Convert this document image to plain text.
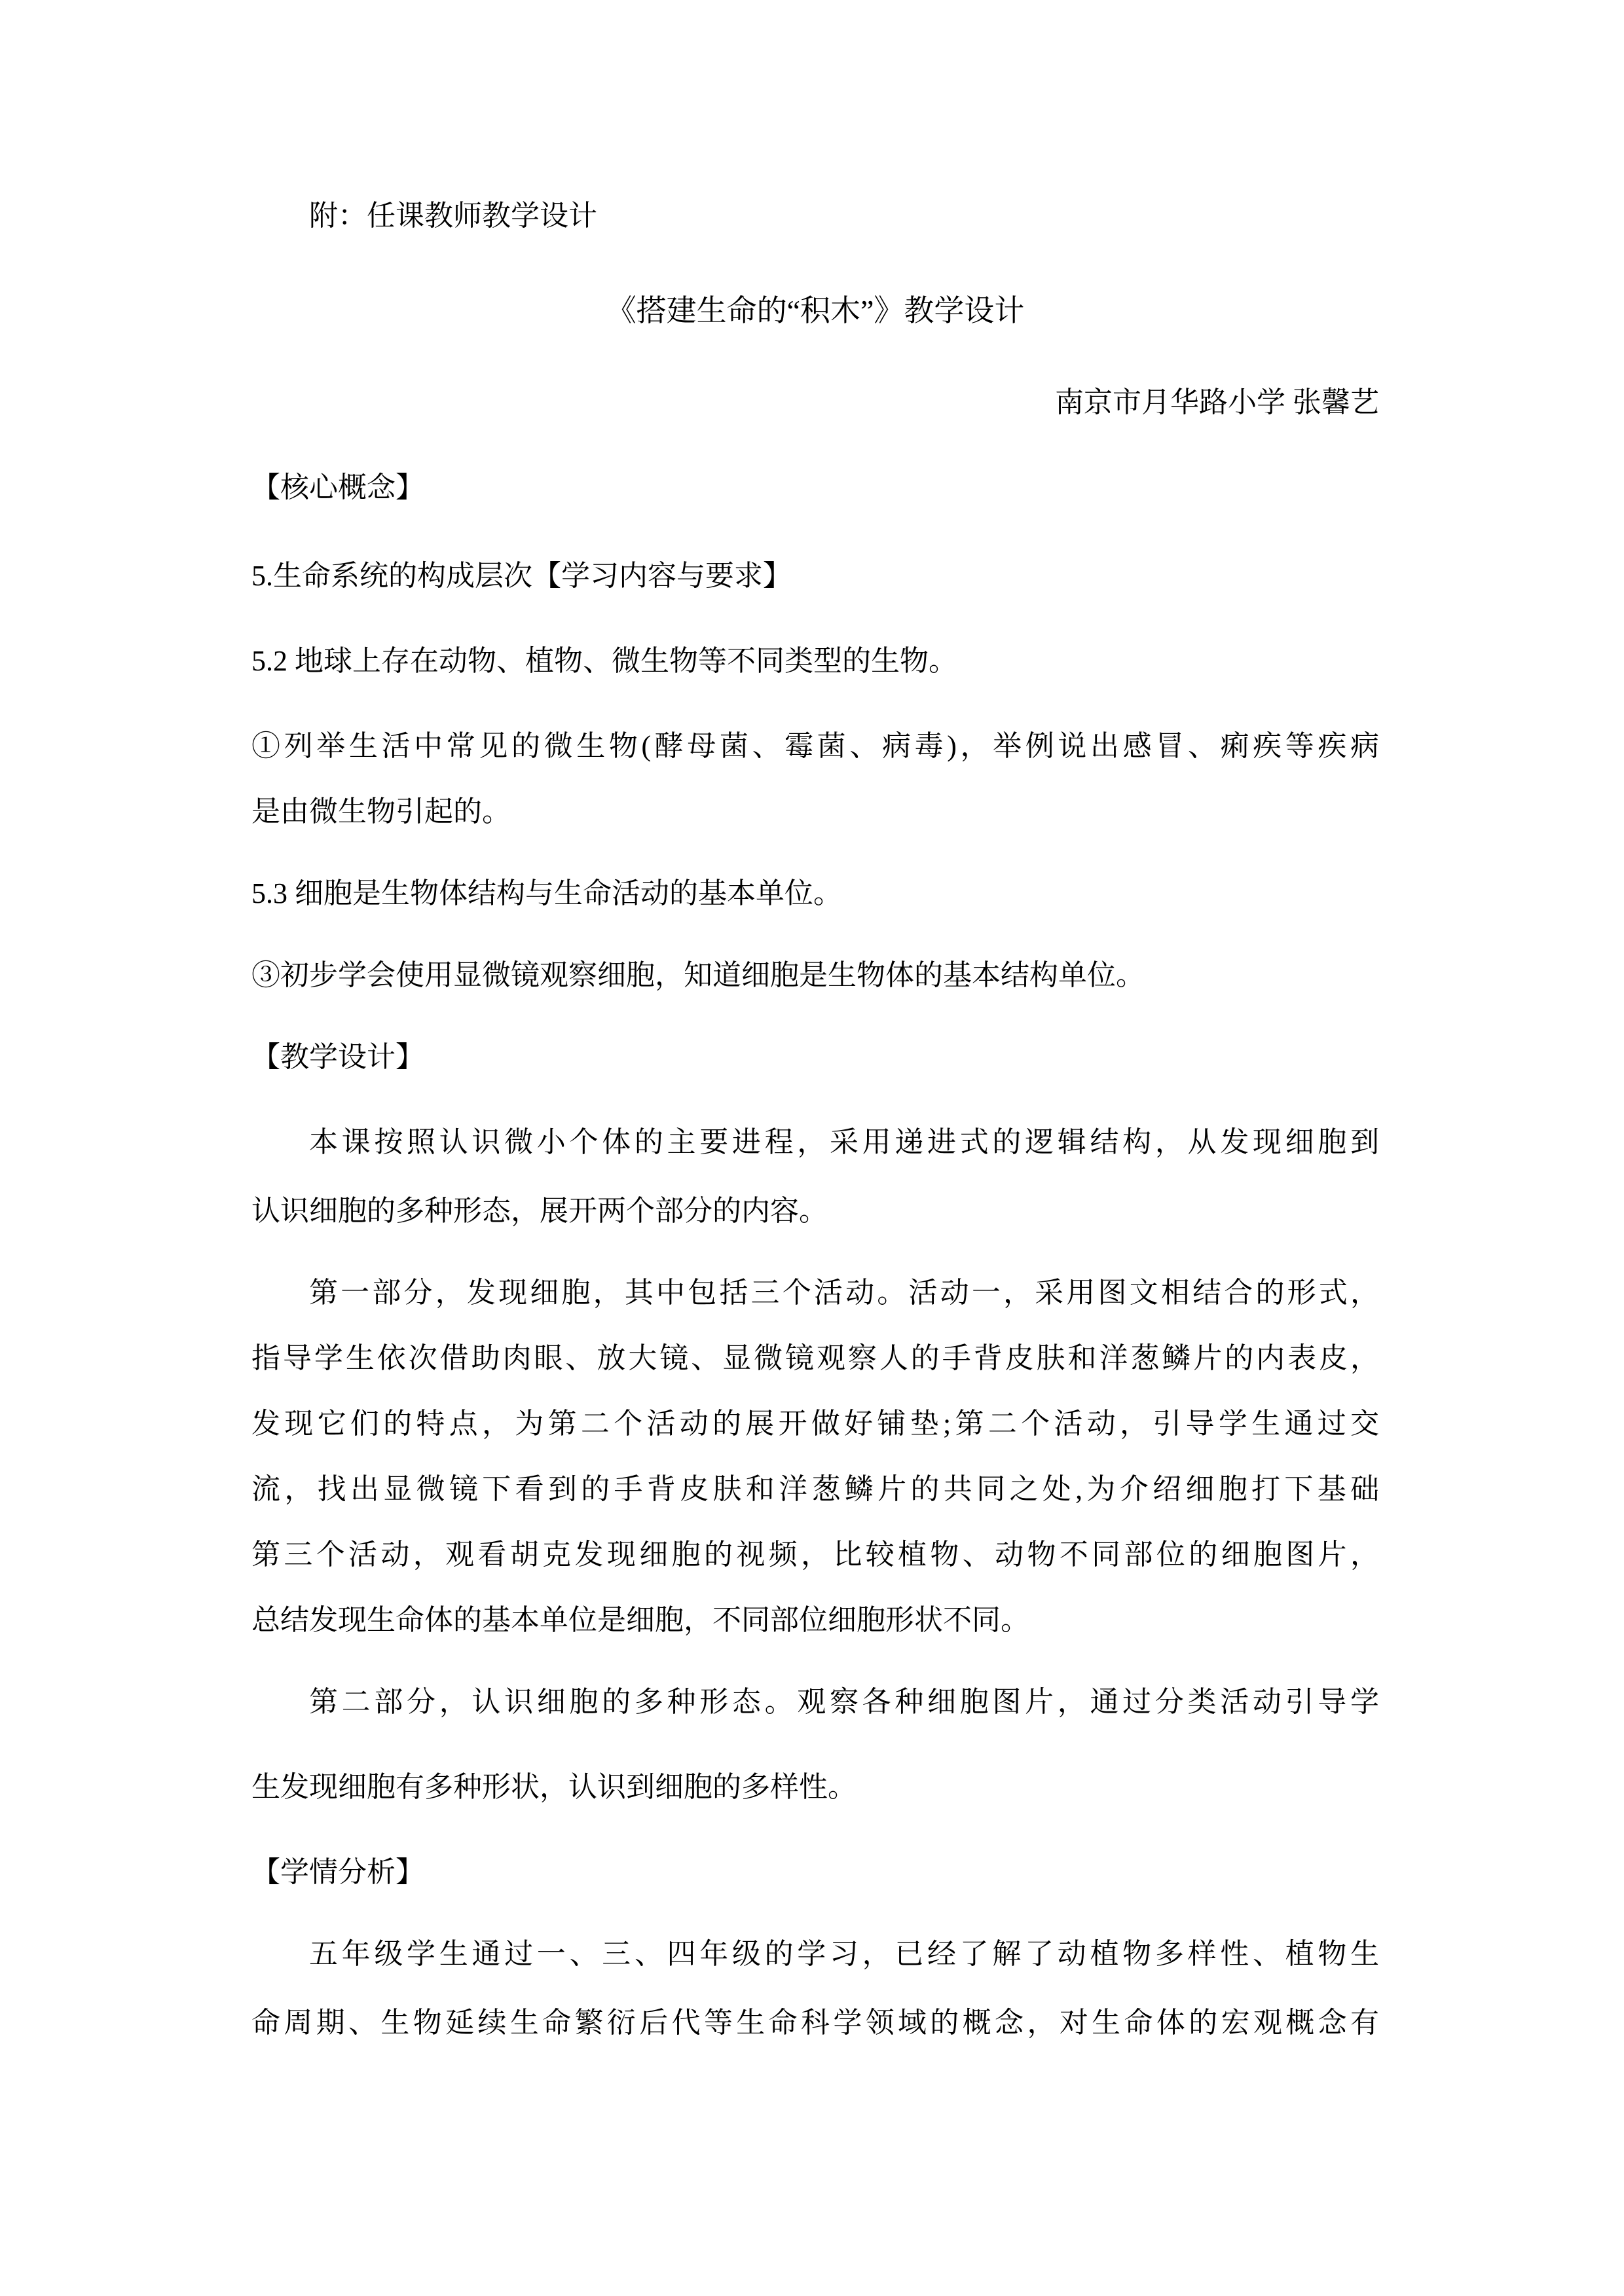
附：任课教师教学设计
《搭建生命的“积木”》教学设计
南京市月华路小学 张馨艺
【核心概念】
5.生命系统的构成层次【学习内容与要求】
5.2 地球上存在动物、植物、微生物等不同类型的生物。
①列举生活中常见的微生物(酵母菌、霉菌、病毒)，举例说出感冒、痢疾等疾病
是由微生物引起的。
5.3 细胞是生物体结构与生命活动的基本单位。
③初步学会使用显微镜观察细胞，知道细胞是生物体的基本结构单位。
【教学设计】
本课按照认识微小个体的主要进程，采用递进式的逻辑结构，从发现细胞到
认识细胞的多种形态，展开两个部分的内容。
第一部分，发现细胞，其中包括三个活动。活动一，采用图文相结合的形式，
指导学生依次借助肉眼、放大镜、显微镜观察人的手背皮肤和洋葱鳞片的内表皮，
发现它们的特点，为第二个活动的展开做好铺垫;第二个活动，引导学生通过交
流，找出显微镜下看到的手背皮肤和洋葱鳞片的共同之处,为介绍细胞打下基础
第三个活动，观看胡克发现细胞的视频，比较植物、动物不同部位的细胞图片，
总结发现生命体的基本单位是细胞，不同部位细胞形状不同。
第二部分，认识细胞的多种形态。观察各种细胞图片，通过分类活动引导学
生发现细胞有多种形状，认识到细胞的多样性。
【学情分析】
五年级学生通过一、三、四年级的学习，已经了解了动植物多样性、植物生
命周期、生物延续生命繁衍后代等生命科学领域的概念，对生命体的宏观概念有
